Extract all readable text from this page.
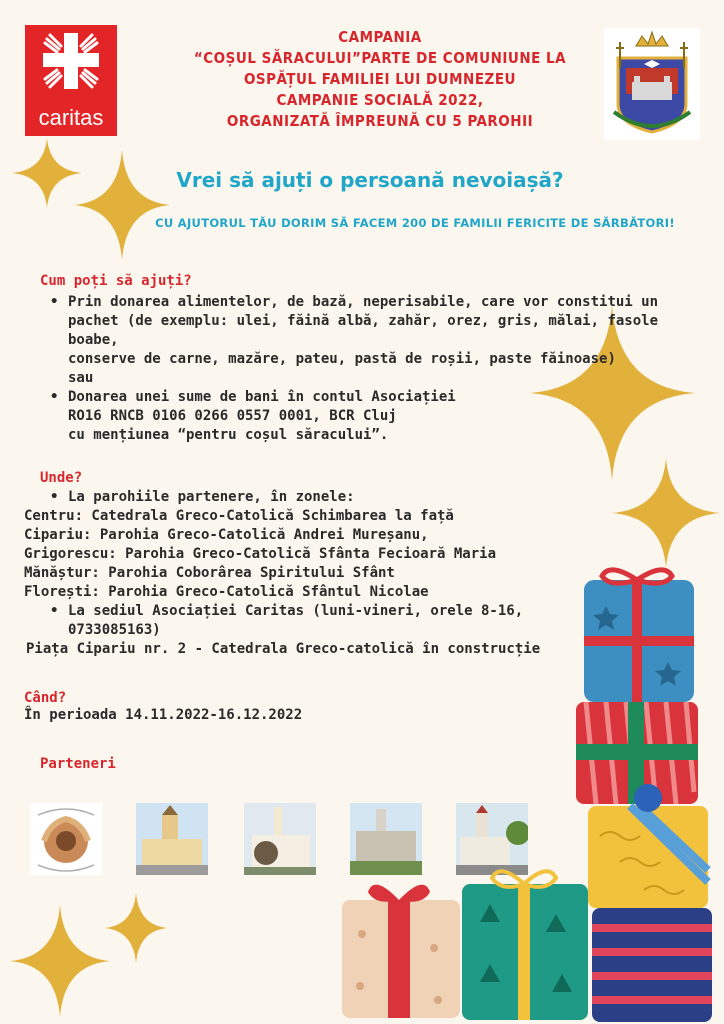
caritas
CAMPANIA
“COȘUL SĂRACULUI”PARTE DE COMUNIUNE LA
OSPĂȚUL FAMILIEI LUI DUMNEZEU
CAMPANIE SOCIALĂ 2022,
ORGANIZATĂ ÎMPREUNĂ CU 5 PAROHII
Vrei să ajuți o persoană nevoiașă?
CU AJUTORUL TĂU DORIM SĂ FACEM 200 DE FAMILII FERICITE DE SĂRBĂTORI!
Cum poți să ajuți?
• Prin donarea alimentelor, de bază, neperisabile, care vor constitui un
pachet (de exemplu: ulei, făină albă, zahăr, orez, gris, mălai, fasole boabe,
conserve de carne, mazăre, pateu, pastă de roșii, paste făinoase)
sau
• Donarea unei sume de bani în contul Asociației
RO16 RNCB 0106 0266 0557 0001, BCR Cluj
cu mențiunea “pentru coșul săracului”.
Unde?
• La parohiile partenere, în zonele:
Centru: Catedrala Greco-Catolică Schimbarea la față
Cipariu: Parohia Greco-Catolică Andrei Mureșanu,
Grigorescu: Parohia Greco-Catolică Sfânta Fecioară Maria
Mănăștur: Parohia Coborârea Spiritului Sfânt
Florești: Parohia Greco-Catolică Sfântul Nicolae
• La sediul Asociației Caritas (luni-vineri, orele 8-16, 0733085163)
Piața Cipariu nr. 2 - Catedrala Greco-catolică în construcție
Când?
În perioada 14.11.2022-16.12.2022
Parteneri
